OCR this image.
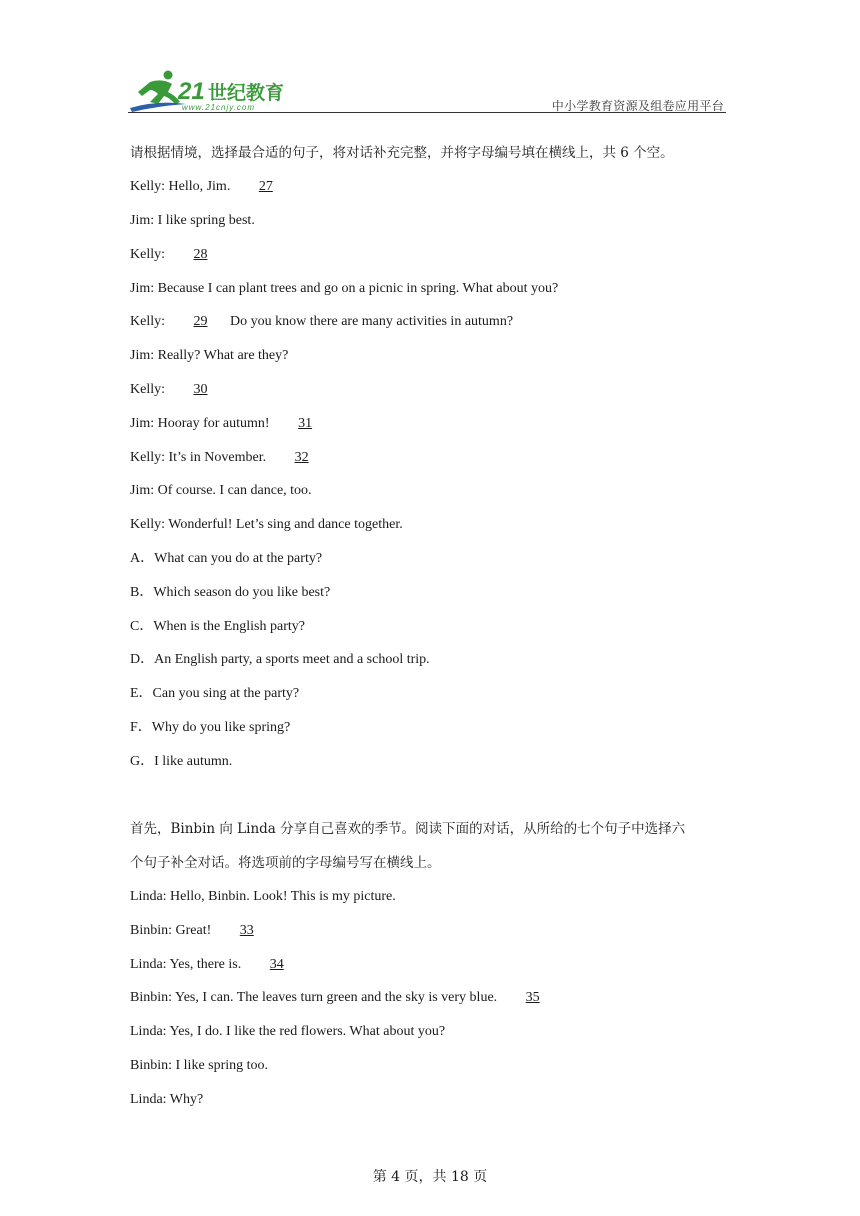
21 世纪教育
www.21cnjy.com	中小学教育资源及组卷应用平台
请根据情境，选择最合适的句子，将对话补充完整，并将字母编号填在横线上，共 6 个空。
Kelly: Hello, Jim. 27
Jim: I like spring best.
Kelly: 28
Jim: Because I can plant trees and go on a picnic in spring. What about you?
Kelly: 29 Do you know there are many activities in autumn?
Jim: Really? What are they?
Kelly: 30
Jim: Hooray for autumn! 31
Kelly: It’s in November. 32
Jim: Of course. I can dance, too.
Kelly: Wonderful! Let’s sing and dance together.
A．What can you do at the party?
B．Which season do you like best?
C．When is the English party?
D．An English party, a sports meet and a school trip.
E．Can you sing at the party?
F．Why do you like spring?
G．I like autumn.
首先，Binbin 向 Linda 分享自己喜欢的季节。阅读下面的对话，从所给的七个句子中选择六
个句子补全对话。将选项前的字母编号写在横线上。
Linda: Hello, Binbin. Look! This is my picture.
Binbin: Great! 33
Linda: Yes, there is. 34
Binbin: Yes, I can. The leaves turn green and the sky is very blue. 35
Linda: Yes, I do. I like the red flowers. What about you?
Binbin: I like spring too.
Linda: Why?
第 4 页，共 18 页
